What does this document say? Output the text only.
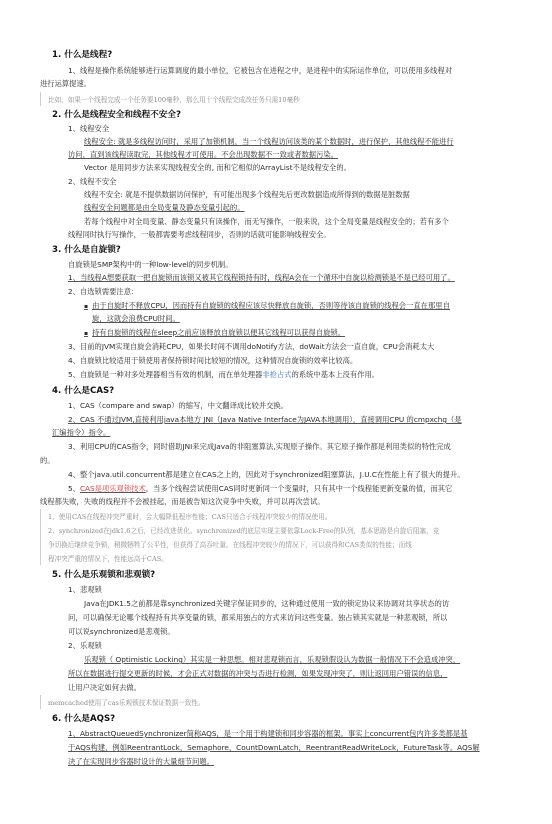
1. 什么是线程?
1、线程是操作系统能够进行运算调度的最小单位，它被包含在进程之中，是进程中的实际运作单位，可以使用多线程对
进行运算提速。
比如，如果一个线程完成一个任务要100毫秒，那么用十个线程完成改任务只需10毫秒
2. 什么是线程安全和线程不安全?
1、线程安全
线程安全: 就是多线程访问时，采用了加锁机制，当一个线程访问该类的某个数据时，进行保护，其他线程不能进行
访问，直到该线程读取完，其他线程才可使用。不会出现数据不一致或者数据污染。
Vector 是用同步方法来实现线程安全的, 而和它相似的ArrayList不是线程安全的。
2、线程不安全
线程不安全: 就是不提供数据访问保护，有可能出现多个线程先后更改数据造成所得到的数据是脏数据
线程安全问题都是由全局变量及静态变量引起的。
若每个线程中对全局变量、静态变量只有读操作，而无写操作，一般来说，这个全局变量是线程安全的；若有多个
线程同时执行写操作，一般都需要考虑线程同步，否则的话就可能影响线程安全。
3. 什么是自旋锁?
自旋锁是SMP架构中的一种low-level的同步机制。
1、当线程A想要获取一把自旋锁而该锁又被其它线程锁持有时，线程A会在一个循环中自旋以检测锁是不是已经可用了。
2、自选锁需要注意：
▪ 由于自旋时不释放CPU，因而持有自旋锁的线程应该尽快释放自旋锁，否则等待该自旋锁的线程会一直在那里自
旋，这就会浪费CPU时间。
▪ 持有自旋锁的线程在sleep之前应该释放自旋锁以便其它线程可以获得自旋锁。
3、目前的JVM实现自旋会消耗CPU，如果长时间不调用doNotify方法，doWait方法会一直自旋，CPU会消耗太大
4、自旋锁比较适用于锁使用者保持锁时间比较短的情况，这种情况自旋锁的效率比较高。
5、自旋锁是一种对多处理器相当有效的机制，而在单处理器非抢占式的系统中基本上没有作用。
4. 什么是CAS?
1、CAS（compare and swap）的缩写，中文翻译成比较并交换。
2、CAS 不通过JVM,直接利用java本地方 JNI（Java Native Interface为JAVA本地调用），直接调用CPU 的cmpxchg（是
汇编指令）指令。
3、利用CPU的CAS指令，同时借助JNI来完成Java的非阻塞算法,实现原子操作。其它原子操作都是利用类似的特性完成
的。
4、整个java.util.concurrent都是建立在CAS之上的，因此对于synchronized阻塞算法，J.U.C在性能上有了很大的提升。
5、CAS是项乐观锁技术，当多个线程尝试使用CAS同时更新同一个变量时，只有其中一个线程能更新变量的值，而其它
线程都失败，失败的线程并不会被挂起，而是被告知这次竞争中失败，并可以再次尝试。
1、使用CAS在线程冲突严重时，会大幅降低程序性能；CAS只适合于线程冲突较少的情况使用。
2、synchronized在jdk1.6之后，已经改进优化。synchronized的底层实现主要依靠Lock-Free的队列，基本思路是自旋后阻塞，竞
争切换后继续竞争锁，稍微牺牲了公平性，但获得了高吞吐量。在线程冲突较少的情况下，可以获得和CAS类似的性能；而线
程冲突严重的情况下，性能远高于CAS。
5. 什么是乐观锁和悲观锁?
1、悲观锁
Java在JDK1.5之前都是靠synchronized关键字保证同步的，这种通过使用一致的锁定协议来协调对共享状态的访
问，可以确保无论哪个线程持有共享变量的锁，都采用独占的方式来访问这些变量。独占锁其实就是一种悲观锁，所以
可以说synchronized是悲观锁。
2、乐观锁
乐观锁（ Optimistic Locking）其实是一种思想。相对悲观锁而言，乐观锁假设认为数据一般情况下不会造成冲突，
所以在数据进行提交更新的时候，才会正式对数据的冲突与否进行检测，如果发现冲突了，则让返回用户错误的信息，
让用户决定如何去做。
memcached使用了cas乐观锁技术保证数据一致性。
6. 什么是AQS?
1、AbstractQueuedSynchronizer简称AQS，是一个用于构建锁和同步容器的框架。事实上concurrent包内许多类都是基
于AQS构建，例如ReentrantLock，Semaphore，CountDownLatch，ReentrantReadWriteLock，FutureTask等。AQS解
决了在实现同步容器时设计的大量细节问题。
